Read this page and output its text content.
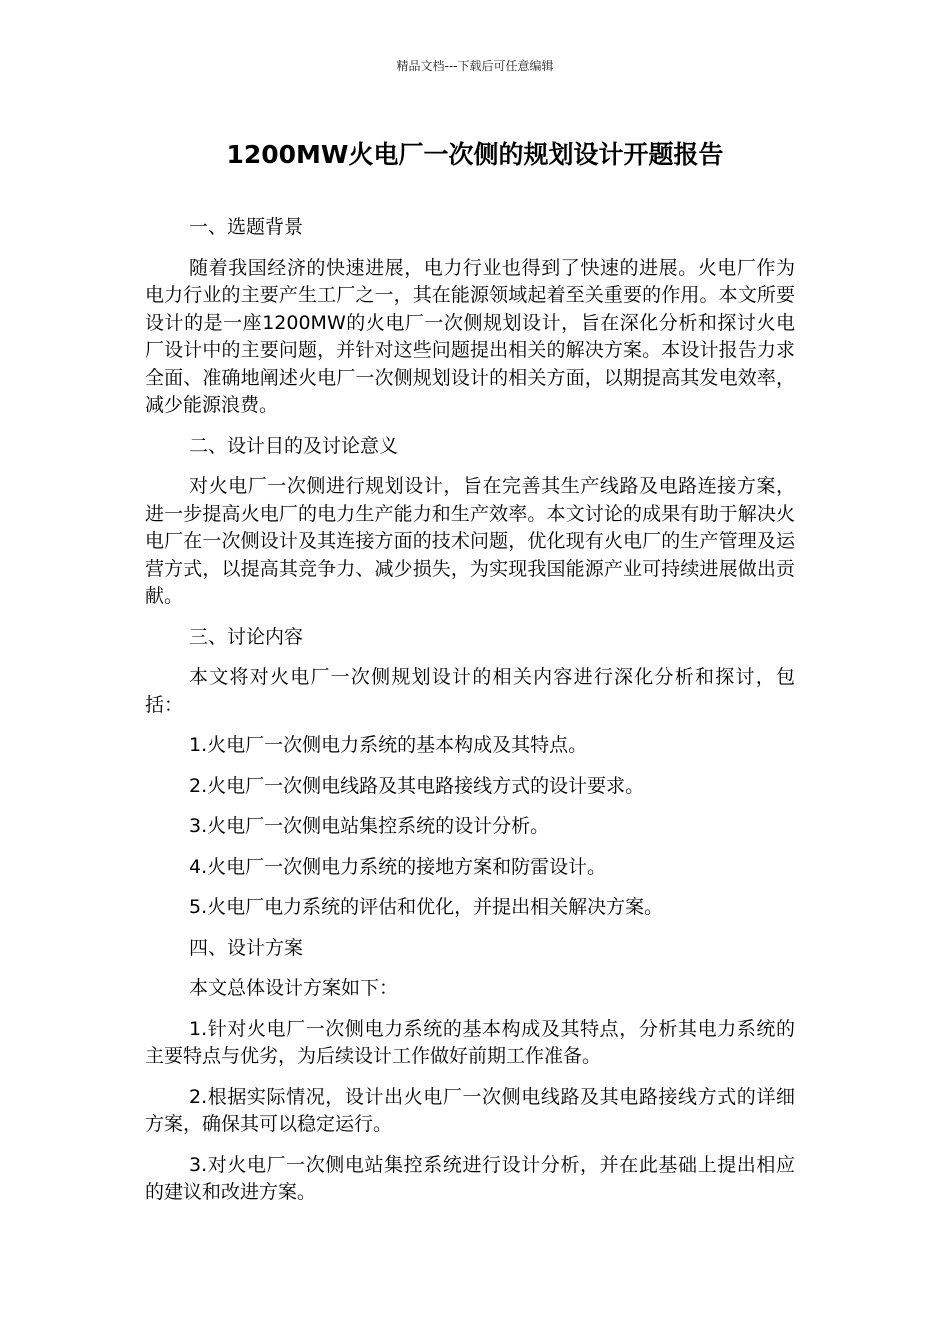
精品文档---下载后可任意编辑
1200MW火电厂一次侧的规划设计开题报告

一、选题背景

随着我国经济的快速进展，电力行业也得到了快速的进展。火电厂作为电力行业的主要产生工厂之一，其在能源领域起着至关重要的作用。本文所要设计的是一座1200MW的火电厂一次侧规划设计，旨在深化分析和探讨火电厂设计中的主要问题，并针对这些问题提出相关的解决方案。本设计报告力求全面、准确地阐述火电厂一次侧规划设计的相关方面，以期提高其发电效率，减少能源浪费。

二、设计目的及讨论意义

对火电厂一次侧进行规划设计，旨在完善其生产线路及电路连接方案，进一步提高火电厂的电力生产能力和生产效率。本文讨论的成果有助于解决火电厂在一次侧设计及其连接方面的技术问题，优化现有火电厂的生产管理及运营方式，以提高其竞争力、减少损失，为实现我国能源产业可持续进展做出贡献。

三、讨论内容

本文将对火电厂一次侧规划设计的相关内容进行深化分析和探讨，包括：

1.火电厂一次侧电力系统的基本构成及其特点。

2.火电厂一次侧电线路及其电路接线方式的设计要求。

3.火电厂一次侧电站集控系统的设计分析。

4.火电厂一次侧电力系统的接地方案和防雷设计。

5.火电厂电力系统的评估和优化，并提出相关解决方案。

四、设计方案

本文总体设计方案如下：

1.针对火电厂一次侧电力系统的基本构成及其特点，分析其电力系统的主要特点与优劣，为后续设计工作做好前期工作准备。

2.根据实际情况，设计出火电厂一次侧电线路及其电路接线方式的详细方案，确保其可以稳定运行。

3.对火电厂一次侧电站集控系统进行设计分析，并在此基础上提出相应的建议和改进方案。
